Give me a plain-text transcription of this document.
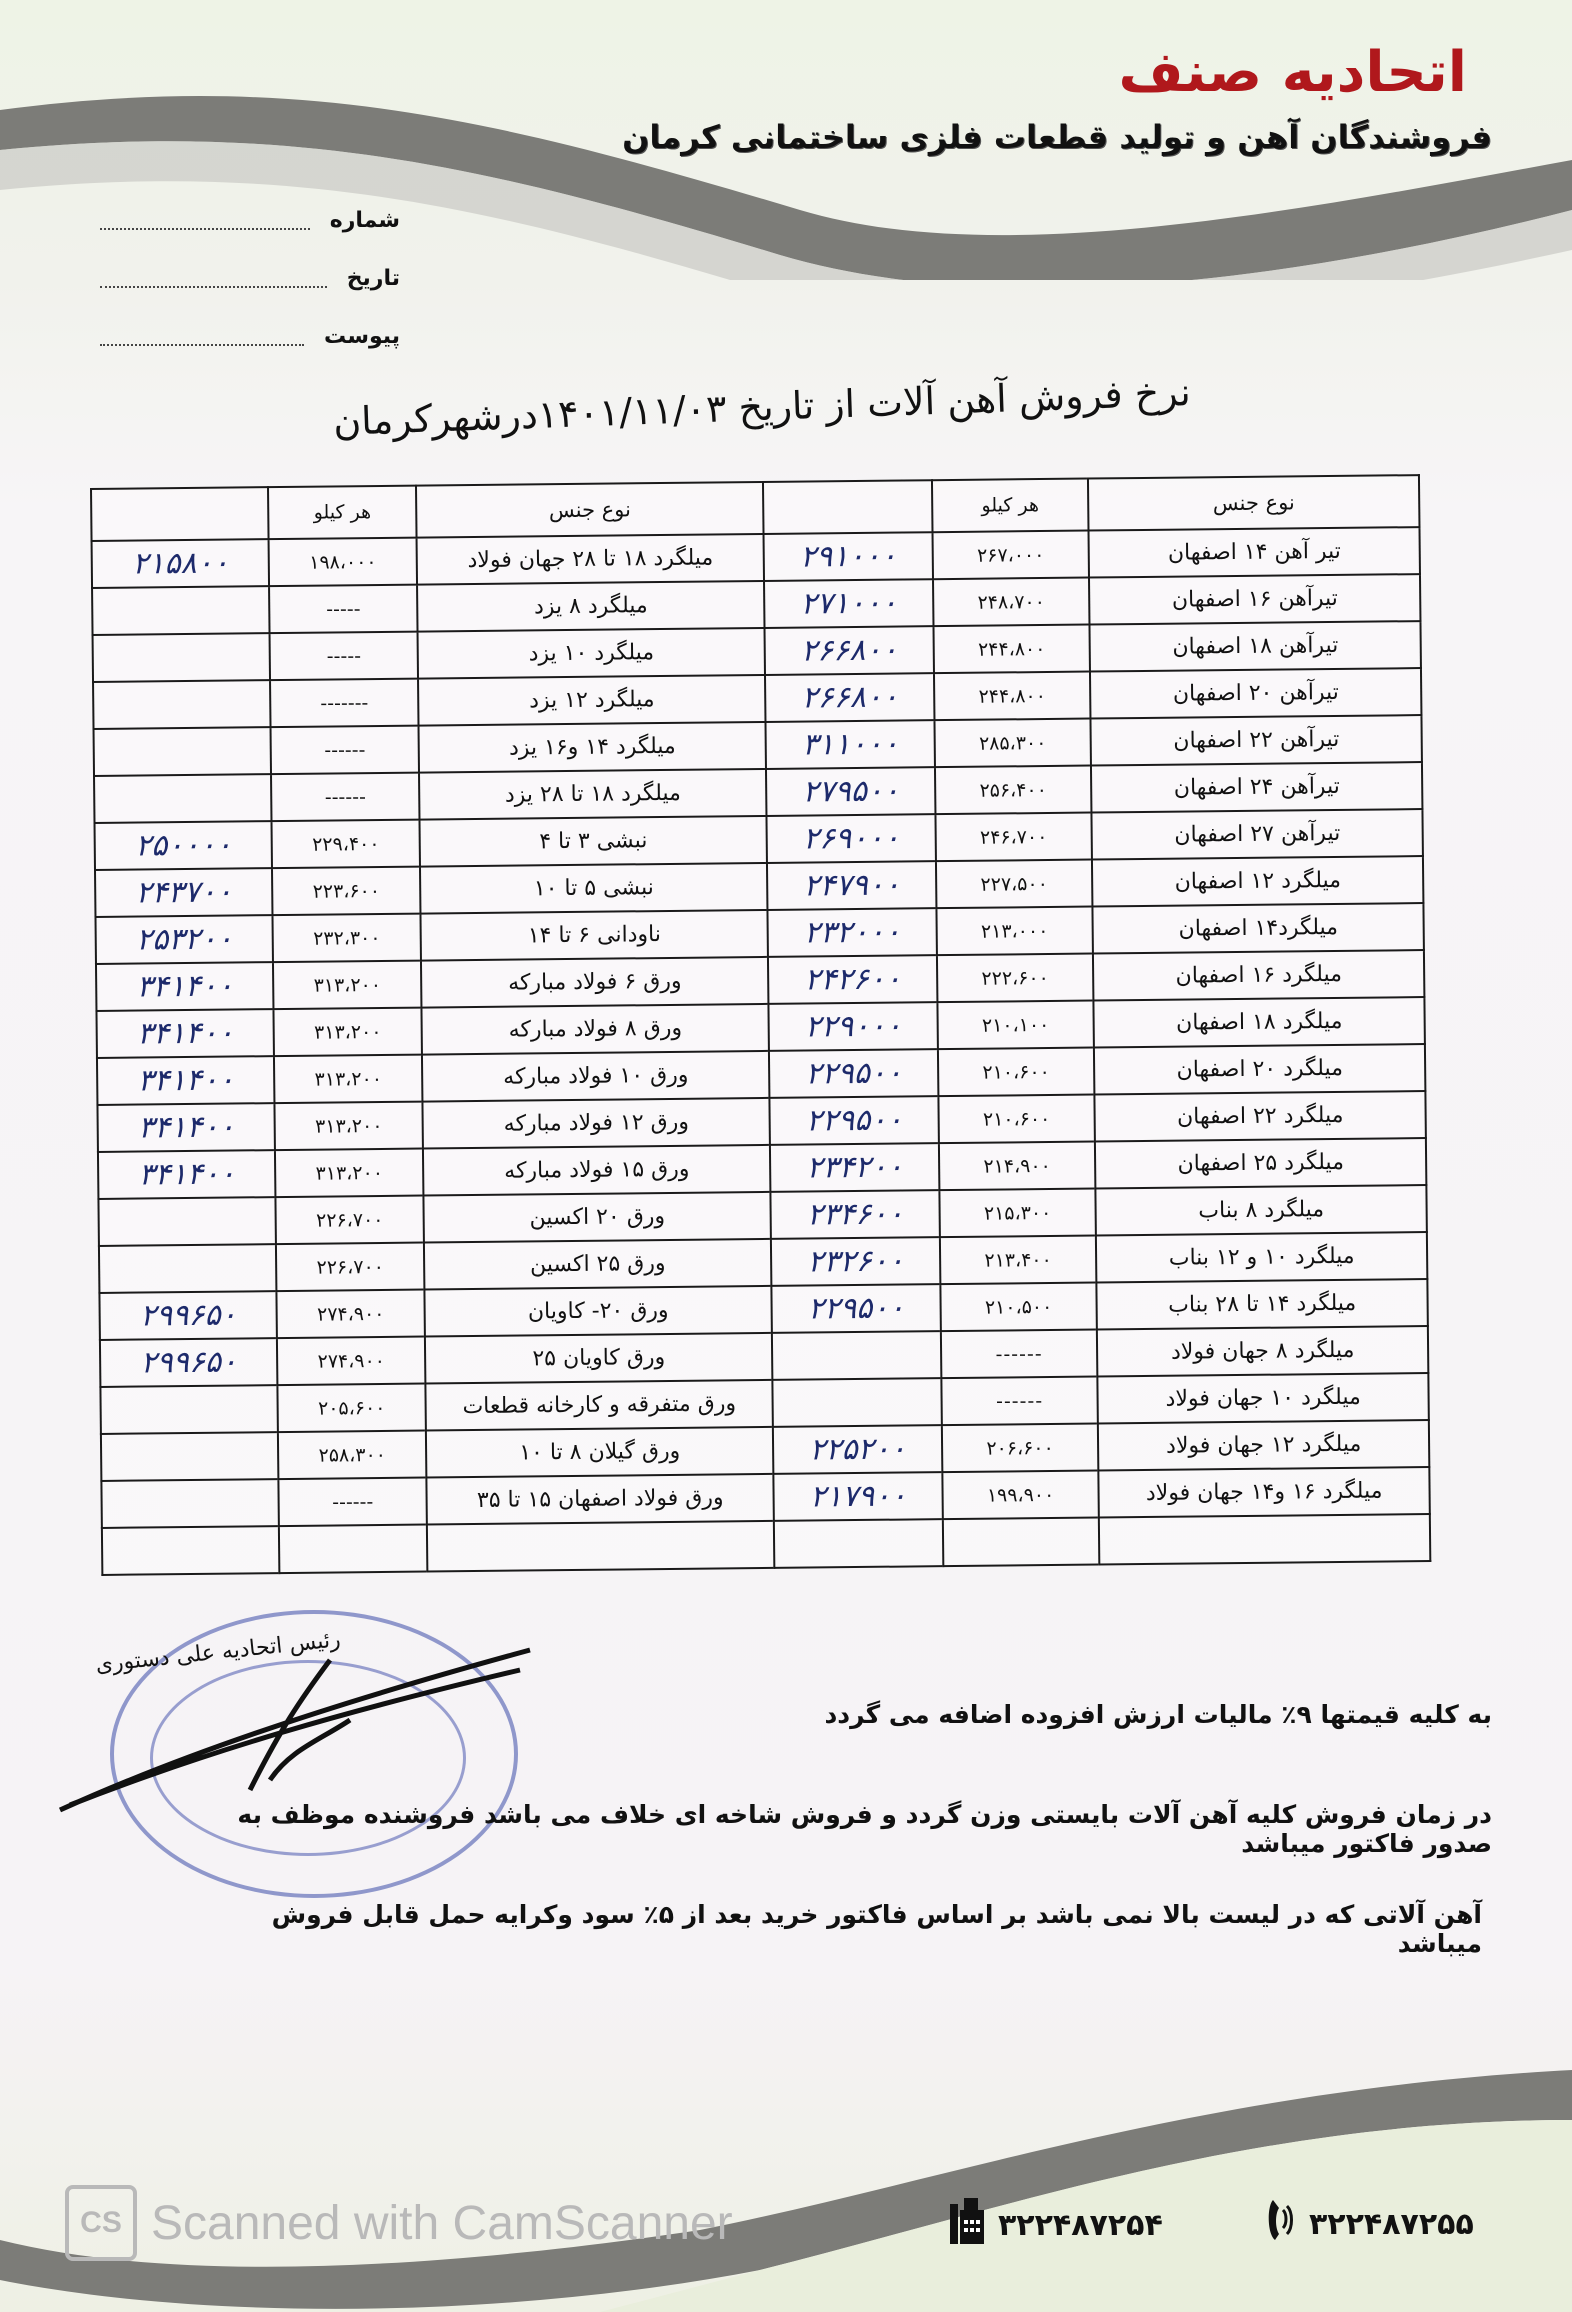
اتحادیه صنف
فروشندگان آهن و تولید قطعات فلزی ساختمانی کرمان
شماره
تاریخ
پیوست
نرخ فروش آهن آلات از تاریخ ۱۴۰۱/۱۱/۰۳درشهرکرمان
نوع جنس	هر کیلو		نوع جنس	هر کیلو	
تیر آهن ۱۴ اصفهان	۲۶۷،۰۰۰	۲۹۱۰۰۰	میلگرد ۱۸ تا ۲۸ جهان فولاد	۱۹۸،۰۰۰	۲۱۵۸۰۰
تیرآهن ۱۶ اصفهان	۲۴۸،۷۰۰	۲۷۱۰۰۰	میلگرد ۸ یزد	-----	
تیرآهن ۱۸ اصفهان	۲۴۴،۸۰۰	۲۶۶۸۰۰	میلگرد ۱۰ یزد	-----	
تیرآهن ۲۰ اصفهان	۲۴۴،۸۰۰	۲۶۶۸۰۰	میلگرد ۱۲ یزد	-------	
تیرآهن ۲۲ اصفهان	۲۸۵،۳۰۰	۳۱۱۰۰۰	میلگرد ۱۴ و۱۶ یزد	------	
تیرآهن ۲۴ اصفهان	۲۵۶،۴۰۰	۲۷۹۵۰۰	میلگرد ۱۸ تا ۲۸ یزد	------	
تیرآهن ۲۷ اصفهان	۲۴۶،۷۰۰	۲۶۹۰۰۰	نبشی ۳ تا ۴	۲۲۹،۴۰۰	۲۵۰۰۰۰
میلگرد ۱۲ اصفهان	۲۲۷،۵۰۰	۲۴۷۹۰۰	نبشی ۵ تا ۱۰	۲۲۳،۶۰۰	۲۴۳۷۰۰
میلگرد۱۴ اصفهان	۲۱۳،۰۰۰	۲۳۲۰۰۰	ناودانی ۶ تا ۱۴	۲۳۲،۳۰۰	۲۵۳۲۰۰
میلگرد ۱۶ اصفهان	۲۲۲،۶۰۰	۲۴۲۶۰۰	ورق ۶ فولاد مبارکه	۳۱۳،۲۰۰	۳۴۱۴۰۰
میلگرد ۱۸ اصفهان	۲۱۰،۱۰۰	۲۲۹۰۰۰	ورق ۸ فولاد مبارکه	۳۱۳،۲۰۰	۳۴۱۴۰۰
میلگرد ۲۰ اصفهان	۲۱۰،۶۰۰	۲۲۹۵۰۰	ورق ۱۰ فولاد مبارکه	۳۱۳،۲۰۰	۳۴۱۴۰۰
میلگرد ۲۲ اصفهان	۲۱۰،۶۰۰	۲۲۹۵۰۰	ورق ۱۲ فولاد مبارکه	۳۱۳،۲۰۰	۳۴۱۴۰۰
میلگرد ۲۵ اصفهان	۲۱۴،۹۰۰	۲۳۴۲۰۰	ورق ۱۵ فولاد مبارکه	۳۱۳،۲۰۰	۳۴۱۴۰۰
میلگرد ۸ بناب	۲۱۵،۳۰۰	۲۳۴۶۰۰	ورق ۲۰ اکسین	۲۲۶،۷۰۰	
میلگرد ۱۰ و ۱۲ بناب	۲۱۳،۴۰۰	۲۳۲۶۰۰	ورق ۲۵ اکسین	۲۲۶،۷۰۰	
میلگرد ۱۴ تا ۲۸ بناب	۲۱۰،۵۰۰	۲۲۹۵۰۰	ورق ۲۰- کاویان	۲۷۴،۹۰۰	۲۹۹۶۵۰
میلگرد ۸ جهان فولاد	------		ورق کاویان ۲۵	۲۷۴،۹۰۰	۲۹۹۶۵۰
میلگرد ۱۰ جهان فولاد	------		ورق متفرقه و کارخانه قطعات	۲۰۵،۶۰۰	
میلگرد ۱۲ جهان فولاد	۲۰۶،۶۰۰	۲۲۵۲۰۰	ورق گیلان ۸ تا ۱۰	۲۵۸،۳۰۰	
میلگرد ۱۶ و۱۴ جهان فولاد	۱۹۹،۹۰۰	۲۱۷۹۰۰	ورق فولاد اصفهان ۱۵ تا ۳۵	------	

رئیس اتحادیه علی دستوری
به کلیه قیمتها ۹٪ مالیات ارزش افزوده اضافه می گردد
در زمان فروش کلیه آهن آلات بایستی وزن گردد و فروش شاخه ای خلاف می باشد فروشنده موظف به صدور فاکتور میباشد
آهن آلاتی که در لیست بالا نمی باشد بر اساس فاکتور خرید بعد از ۵٪ سود وکرایه حمل قابل فروش میباشد
CS Scanned with CamScanner	۳۲۲۴۸۷۲۵۴	۳۲۲۴۸۷۲۵۵
